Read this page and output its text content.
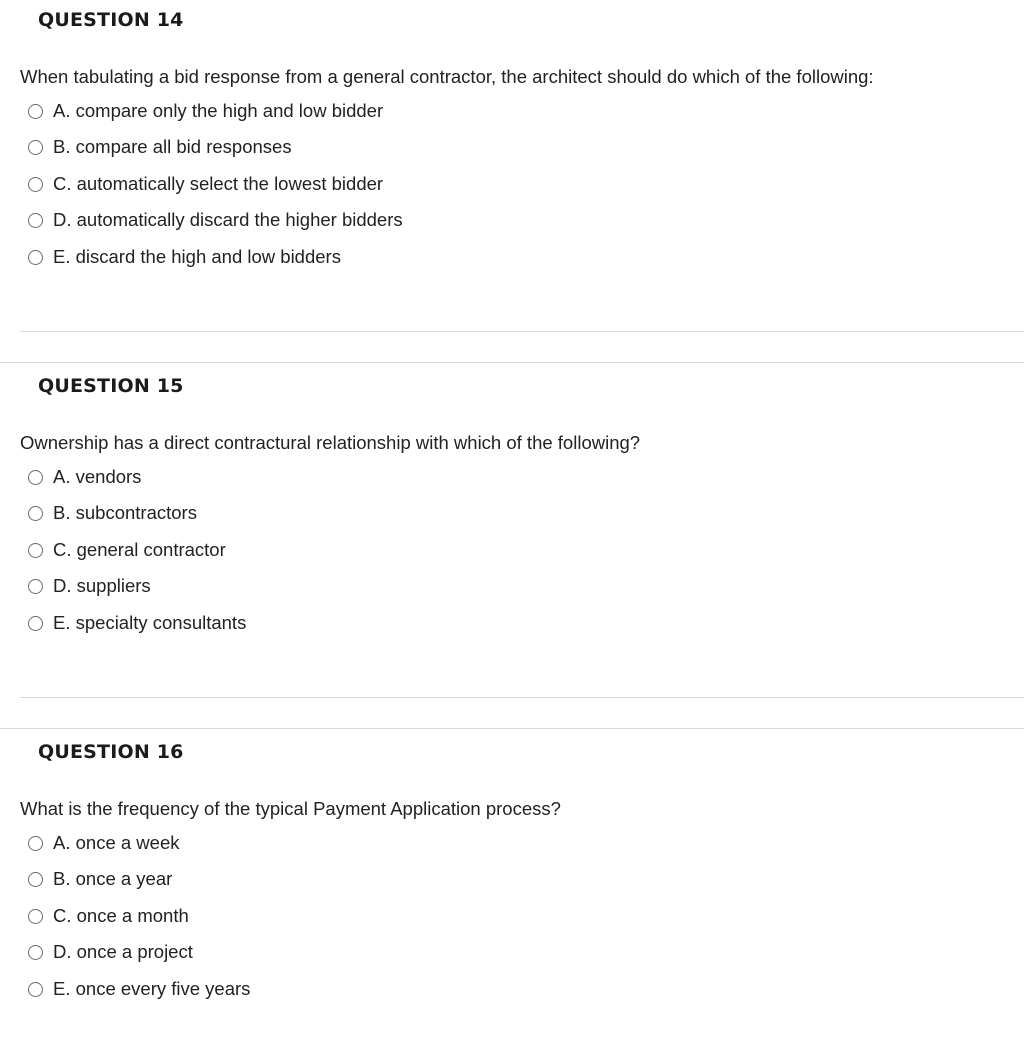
QUESTION 14
When tabulating a bid response from a general contractor, the architect should do which of the following:
A. compare only the high and low bidder
B. compare all bid responses
C. automatically select the lowest bidder
D. automatically discard the higher bidders
E. discard the high and low bidders
QUESTION 15
Ownership has a direct contractural relationship with which of the following?
A. vendors
B. subcontractors
C. general contractor
D. suppliers
E. specialty consultants
QUESTION 16
What is the frequency of the typical Payment Application process?
A. once a week
B. once a year
C. once a month
D. once a project
E. once every five years
